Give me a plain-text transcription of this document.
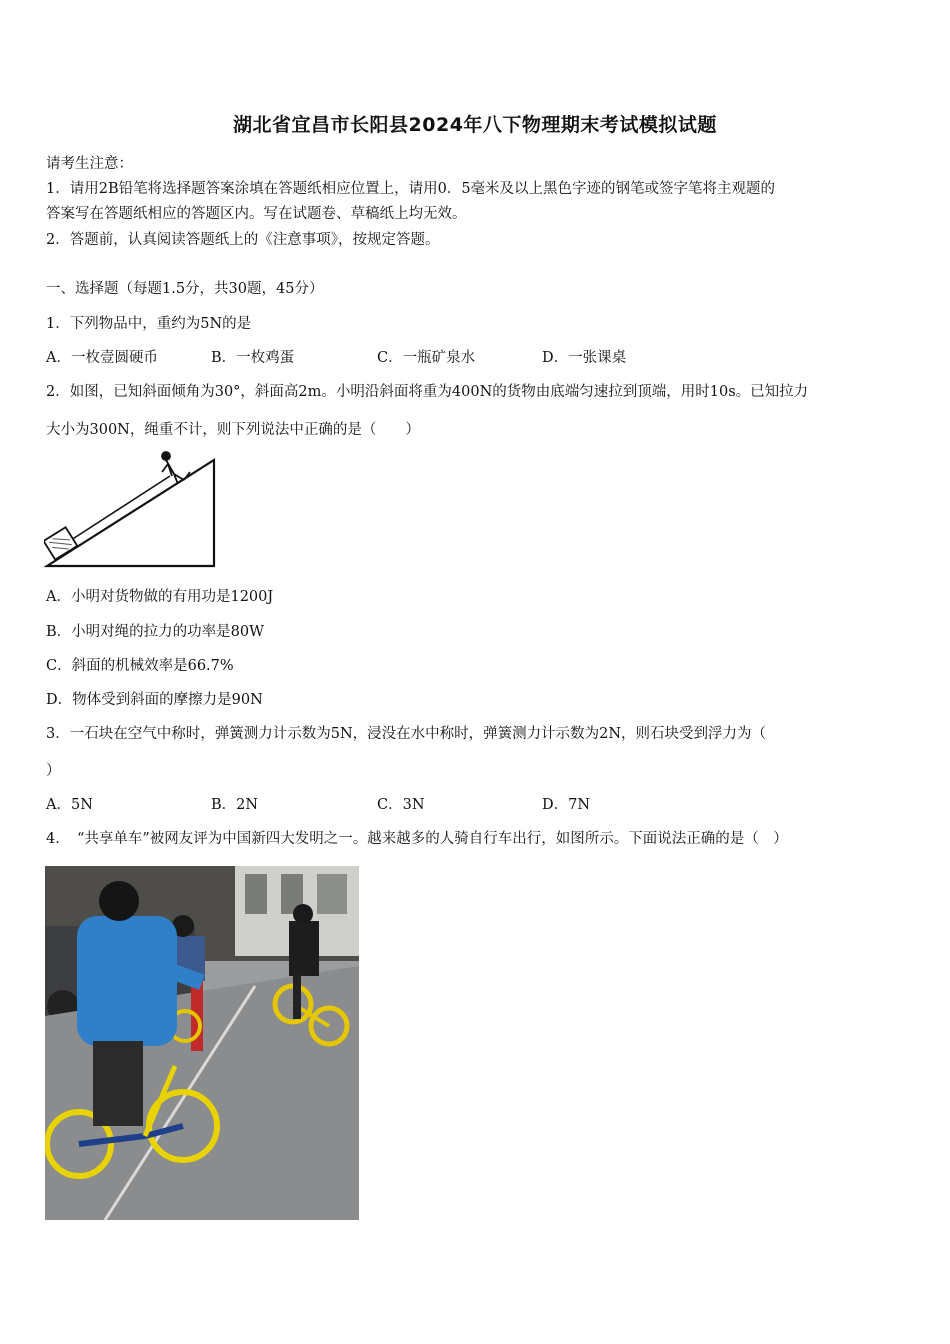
湖北省宜昌市长阳县2024年八下物理期末考试模拟试题
请考生注意：
1．请用2B铅笔将选择题答案涂填在答题纸相应位置上，请用0．5毫米及以上黑色字迹的钢笔或签字笔将主观题的
答案写在答题纸相应的答题区内。写在试题卷、草稿纸上均无效。
2．答题前，认真阅读答题纸上的《注意事项》，按规定答题。
一、选择题（每题1.5分，共30题，45分）
1．下列物品中，重约为5N的是
A．一枚壹圆硬币	B．一枚鸡蛋	C．一瓶矿泉水	D．一张课桌
2．如图，已知斜面倾角为30°，斜面高2m。小明沿斜面将重为400N的货物由底端匀速拉到顶端，用时10s。已知拉力
大小为300N，绳重不计，则下列说法中正确的是（　　）
A．小明对货物做的有用功是1200J
B．小明对绳的拉力的功率是80W
C．斜面的机械效率是66.7%
D．物体受到斜面的摩擦力是90N
3．一石块在空气中称时，弹簧测力计示数为5N，浸没在水中称时，弹簧测力计示数为2N，则石块受到浮力为（
）
A．5N	B．2N	C．3N	D．7N
4．　“共享单车”被网友评为中国新四大发明之一。越来越多的人骑自行车出行，如图所示。下面说法正确的是（　）
